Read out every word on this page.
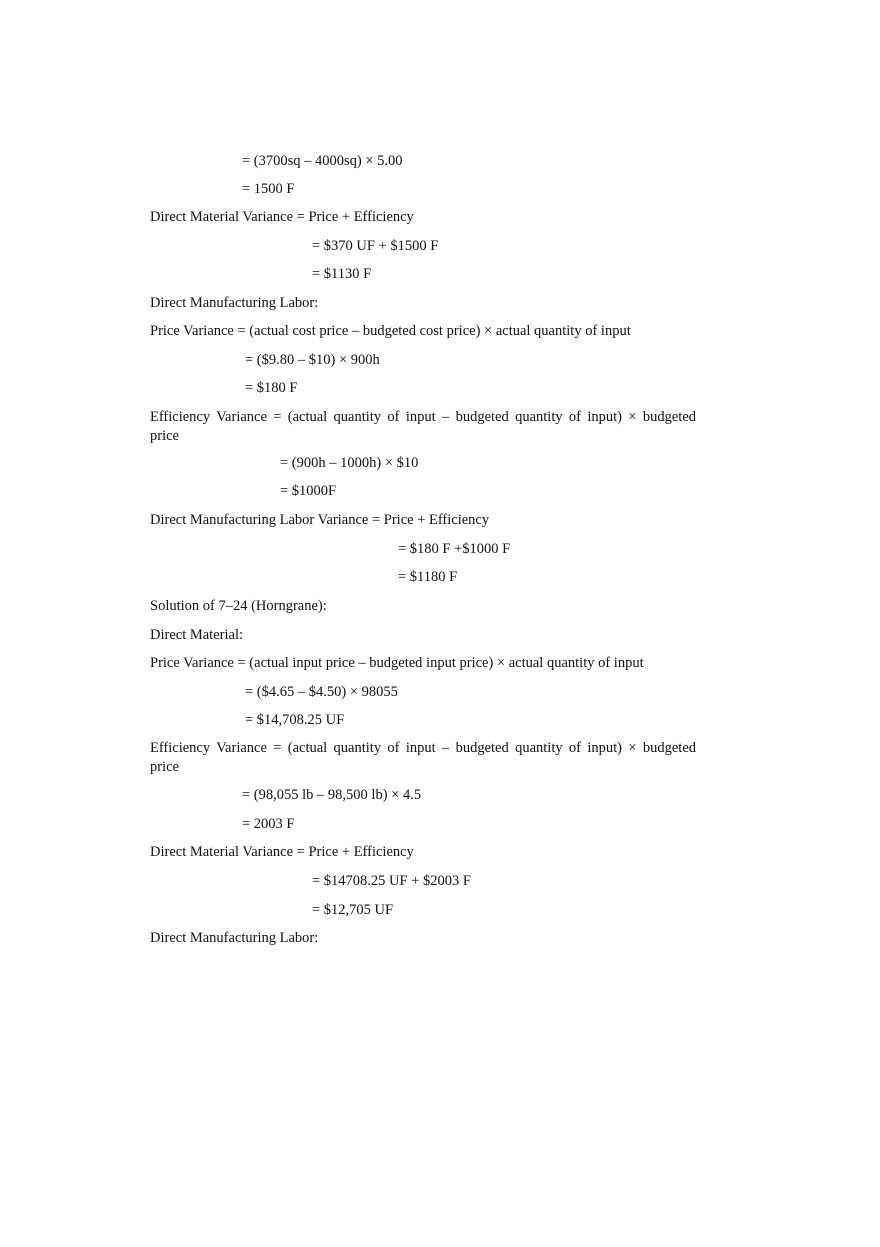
= (3700sq – 4000sq) × 5.00
= 1500 F
Direct Material Variance = Price + Efficiency
= $370 UF + $1500 F
= $1130 F
Direct Manufacturing Labor:
Price Variance = (actual cost price – budgeted cost price) × actual quantity of input
= ($9.80 – $10) × 900h
= $180 F
Efficiency Variance = (actual quantity of input – budgeted quantity of input) × budgeted
price
= (900h – 1000h) × $10
= $1000F
Direct Manufacturing Labor Variance = Price + Efficiency
= $180 F +$1000 F
= $1180 F
Solution of 7–24 (Horngrane):
Direct Material:
Price Variance = (actual input price – budgeted input price) × actual quantity of input
= ($4.65 – $4.50) × 98055
= $14,708.25 UF
Efficiency Variance = (actual quantity of input – budgeted quantity of input) × budgeted
price
= (98,055 lb – 98,500 lb) × 4.5
= 2003 F
Direct Material Variance = Price + Efficiency
= $14708.25 UF + $2003 F
= $12,705 UF
Direct Manufacturing Labor:
